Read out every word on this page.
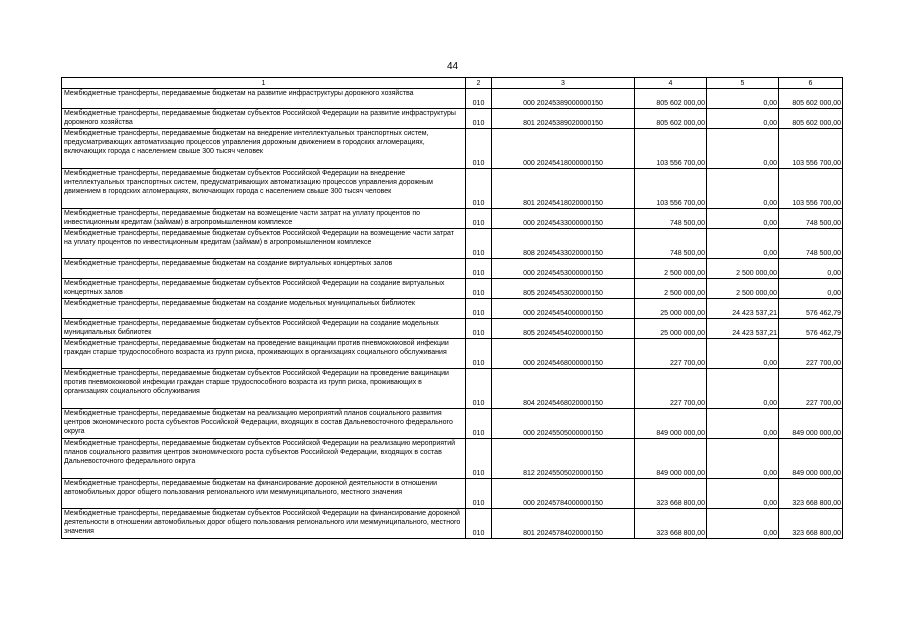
44
1	2	3	4	5	6
Межбюджетные трансферты, передаваемые бюджетам на развитие инфраструктуры дорожного хозяйства	010	000 20245389000000150	805 602 000,00	0,00	805 602 000,00
Межбюджетные трансферты, передаваемые бюджетам субъектов Российской Федерации на развитие инфраструктуры дорожного хозяйства	010	801 20245389020000150	805 602 000,00	0,00	805 602 000,00
Межбюджетные трансферты, передаваемые бюджетам на внедрение интеллектуальных транспортных систем, предусматривающих автоматизацию процессов управления дорожным движением в городских агломерациях, включающих города с населением свыше 300 тысяч человек	010	000 20245418000000150	103 556 700,00	0,00	103 556 700,00
Межбюджетные трансферты, передаваемые бюджетам субъектов Российской Федерации на внедрение интеллектуальных транспортных систем, предусматривающих автоматизацию процессов управления дорожным движением в городских агломерациях, включающих города с населением свыше 300 тысяч человек	010	801 20245418020000150	103 556 700,00	0,00	103 556 700,00
Межбюджетные трансферты, передаваемые бюджетам на возмещение части затрат на уплату процентов по инвестиционным кредитам (займам) в агропромышленном комплексе	010	000 20245433000000150	748 500,00	0,00	748 500,00
Межбюджетные трансферты, передаваемые бюджетам субъектов Российской Федерации на возмещение части затрат на уплату процентов по инвестиционным кредитам (займам) в агропромышленном комплексе	010	808 20245433020000150	748 500,00	0,00	748 500,00
Межбюджетные трансферты, передаваемые бюджетам на создание виртуальных концертных залов	010	000 20245453000000150	2 500 000,00	2 500 000,00	0,00
Межбюджетные трансферты, передаваемые бюджетам субъектов Российской Федерации на создание виртуальных концертных залов	010	805 20245453020000150	2 500 000,00	2 500 000,00	0,00
Межбюджетные трансферты, передаваемые бюджетам на создание модельных муниципальных библиотек	010	000 20245454000000150	25 000 000,00	24 423 537,21	576 462,79
Межбюджетные трансферты, передаваемые бюджетам субъектов Российской Федерации на создание модельных муниципальных библиотек	010	805 20245454020000150	25 000 000,00	24 423 537,21	576 462,79
Межбюджетные трансферты, передаваемые бюджетам на проведение вакцинации против пневмококковой инфекции граждан старше трудоспособного возраста из групп риска, проживающих в организациях социального обслуживания	010	000 20245468000000150	227 700,00	0,00	227 700,00
Межбюджетные трансферты, передаваемые бюджетам субъектов Российской Федерации на проведение вакцинации против пневмококковой инфекции граждан старше трудоспособного возраста из групп риска, проживающих в организациях социального обслуживания	010	804 20245468020000150	227 700,00	0,00	227 700,00
Межбюджетные трансферты, передаваемые бюджетам на реализацию мероприятий планов социального развития центров экономического роста субъектов Российской Федерации, входящих в состав Дальневосточного федерального округа	010	000 20245505000000150	849 000 000,00	0,00	849 000 000,00
Межбюджетные трансферты, передаваемые бюджетам субъектов Российской Федерации на реализацию мероприятий планов социального развития центров экономического роста субъектов Российской Федерации, входящих в состав Дальневосточного федерального округа	010	812 20245505020000150	849 000 000,00	0,00	849 000 000,00
Межбюджетные трансферты, передаваемые бюджетам на финансирование дорожной деятельности в отношении автомобильных дорог общего пользования регионального или межмуниципального, местного значения	010	000 20245784000000150	323 668 800,00	0,00	323 668 800,00
Межбюджетные трансферты, передаваемые бюджетам субъектов Российской Федерации на финансирование дорожной деятельности в отношении автомобильных дорог общего пользования регионального или межмуниципального, местного значения	010	801 20245784020000150	323 668 800,00	0,00	323 668 800,00
